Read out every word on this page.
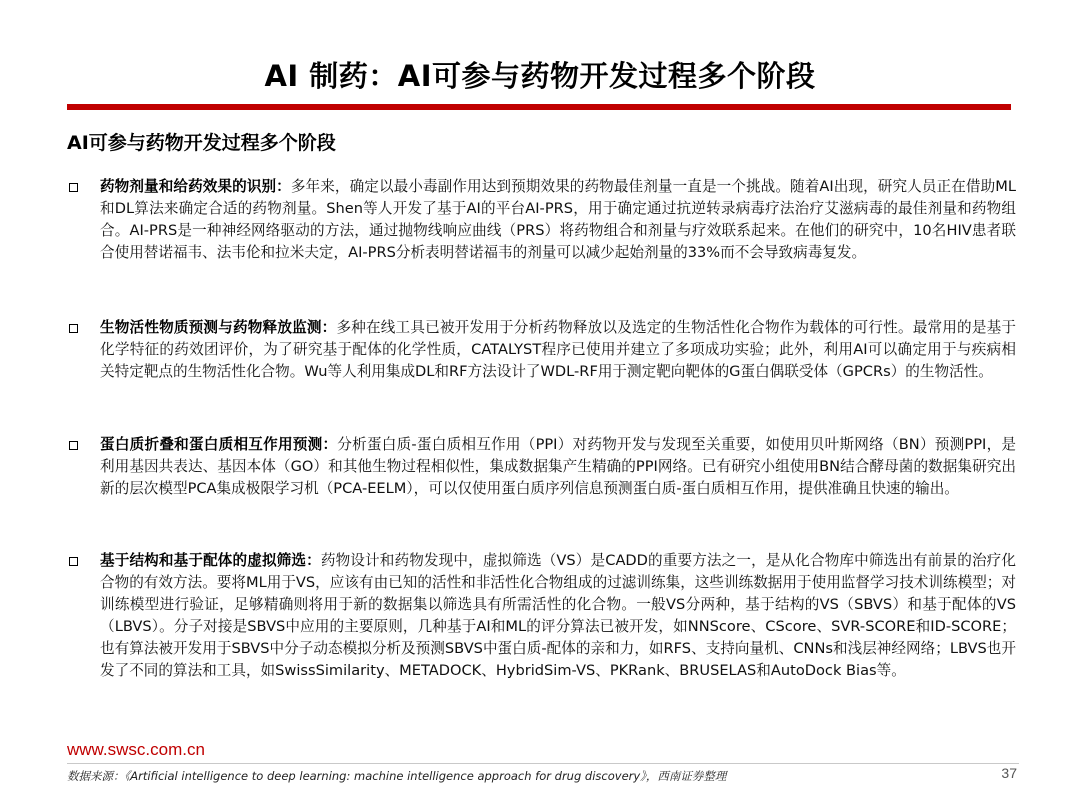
AI 制药：AI可参与药物开发过程多个阶段
AI可参与药物开发过程多个阶段
药物剂量和给药效果的识别：多年来，确定以最小毒副作用达到预期效果的药物最佳剂量一直是一个挑战。随着AI出现，研究人员正在借助ML和DL算法来确定合适的药物剂量。Shen等人开发了基于AI的平台AI-PRS，用于确定通过抗逆转录病毒疗法治疗艾滋病毒的最佳剂量和药物组合。AI-PRS是一种神经网络驱动的方法，通过抛物线响应曲线（PRS）将药物组合和剂量与疗效联系起来。在他们的研究中，10名HIV患者联合使用替诺福韦、法韦伦和拉米夫定，AI-PRS分析表明替诺福韦的剂量可以减少起始剂量的33%而不会导致病毒复发。
生物活性物质预测与药物释放监测：多种在线工具已被开发用于分析药物释放以及选定的生物活性化合物作为载体的可行性。最常用的是基于化学特征的药效团评价，为了研究基于配体的化学性质，CATALYST程序已使用并建立了多项成功实验；此外，利用AI可以确定用于与疾病相关特定靶点的生物活性化合物。Wu等人利用集成DL和RF方法设计了WDL-RF用于测定靶向靶体的G蛋白偶联受体（GPCRs）的生物活性。
蛋白质折叠和蛋白质相互作用预测：分析蛋白质-蛋白质相互作用（PPI）对药物开发与发现至关重要，如使用贝叶斯网络（BN）预测PPI，是利用基因共表达、基因本体（GO）和其他生物过程相似性，集成数据集产生精确的PPI网络。已有研究小组使用BN结合酵母菌的数据集研究出新的层次模型PCA集成极限学习机（PCA-EELM），可以仅使用蛋白质序列信息预测蛋白质-蛋白质相互作用，提供准确且快速的输出。
基于结构和基于配体的虚拟筛选：药物设计和药物发现中，虚拟筛选（VS）是CADD的重要方法之一，是从化合物库中筛选出有前景的治疗化合物的有效方法。要将ML用于VS，应该有由已知的活性和非活性化合物组成的过滤训练集，这些训练数据用于使用监督学习技术训练模型；对训练模型进行验证，足够精确则将用于新的数据集以筛选具有所需活性的化合物。一般VS分两种，基于结构的VS（SBVS）和基于配体的VS（LBVS）。分子对接是SBVS中应用的主要原则，几种基于AI和ML的评分算法已被开发，如NNScore、CScore、SVR-SCORE和ID-SCORE；也有算法被开发用于SBVS中分子动态模拟分析及预测SBVS中蛋白质-配体的亲和力，如RFS、支持向量机、CNNs和浅层神经网络；LBVS也开发了不同的算法和工具，如SwissSimilarity、METADOCK、HybridSim-VS、PKRank、BRUSELAS和AutoDock Bias等。
www.swsc.com.cn
数据来源：《Artificial intelligence to deep learning: machine intelligence approach for drug discovery》，西南证券整理	37
